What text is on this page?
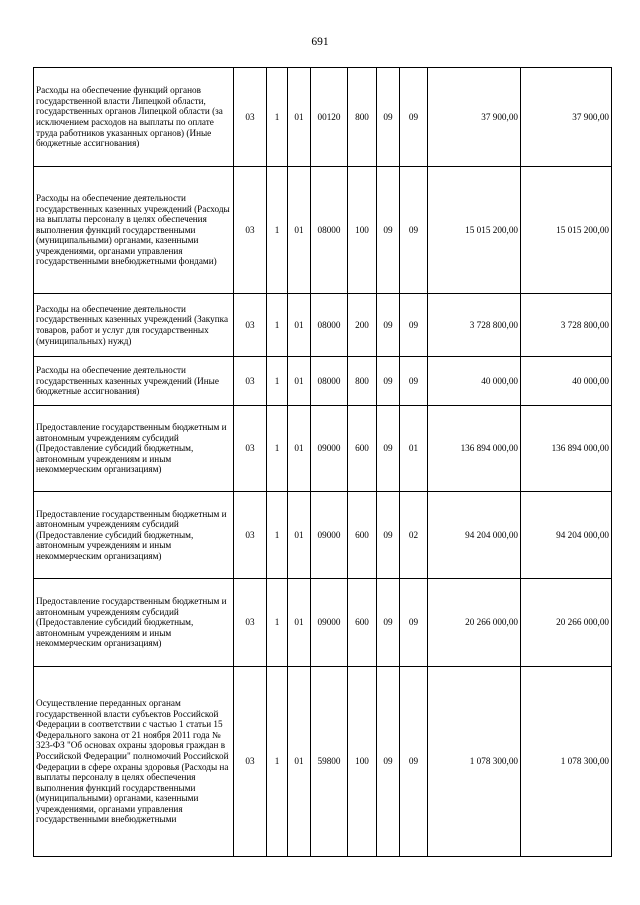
691
Расходы на обеспечение функций органов государственной власти Липецкой области, государственных органов Липецкой области (за исключением расходов на выплаты по оплате труда работников указанных органов) (Иные бюджетные ассигнования)	03	1	01	00120	800	09	09	37 900,00	37 900,00
Расходы на обеспечение деятельности государственных казенных учреждений (Расходы на выплаты персоналу в целях обеспечения выполнения функций государственными (муниципальными) органами, казенными учреждениями, органами управления государственными внебюджетными фондами)	03	1	01	08000	100	09	09	15 015 200,00	15 015 200,00
Расходы на обеспечение деятельности государственных казенных учреждений (Закупка товаров, работ и услуг для государственных (муниципальных) нужд)	03	1	01	08000	200	09	09	3 728 800,00	3 728 800,00
Расходы на обеспечение деятельности государственных казенных учреждений (Иные бюджетные ассигнования)	03	1	01	08000	800	09	09	40 000,00	40 000,00
Предоставление государственным бюджетным и автономным учреждениям субсидий (Предоставление субсидий бюджетным, автономным учреждениям и иным некоммерческим организациям)	03	1	01	09000	600	09	01	136 894 000,00	136 894 000,00
Предоставление государственным бюджетным и автономным учреждениям субсидий (Предоставление субсидий бюджетным, автономным учреждениям и иным некоммерческим организациям)	03	1	01	09000	600	09	02	94 204 000,00	94 204 000,00
Предоставление государственным бюджетным и автономным учреждениям субсидий (Предоставление субсидий бюджетным, автономным учреждениям и иным некоммерческим организациям)	03	1	01	09000	600	09	09	20 266 000,00	20 266 000,00
Осуществление переданных органам государственной власти субъектов Российской Федерации в соответствии с частью 1 статьи 15 Федерального закона от 21 ноября 2011 года № 323-ФЗ "Об основах охраны здоровья граждан в Российской Федерации" полномочий Российской Федерации в сфере охраны здоровья (Расходы на выплаты персоналу в целях обеспечения выполнения функций государственными (муниципальными) органами, казенными учреждениями, органами управления государственными внебюджетными	03	1	01	59800	100	09	09	1 078 300,00	1 078 300,00
